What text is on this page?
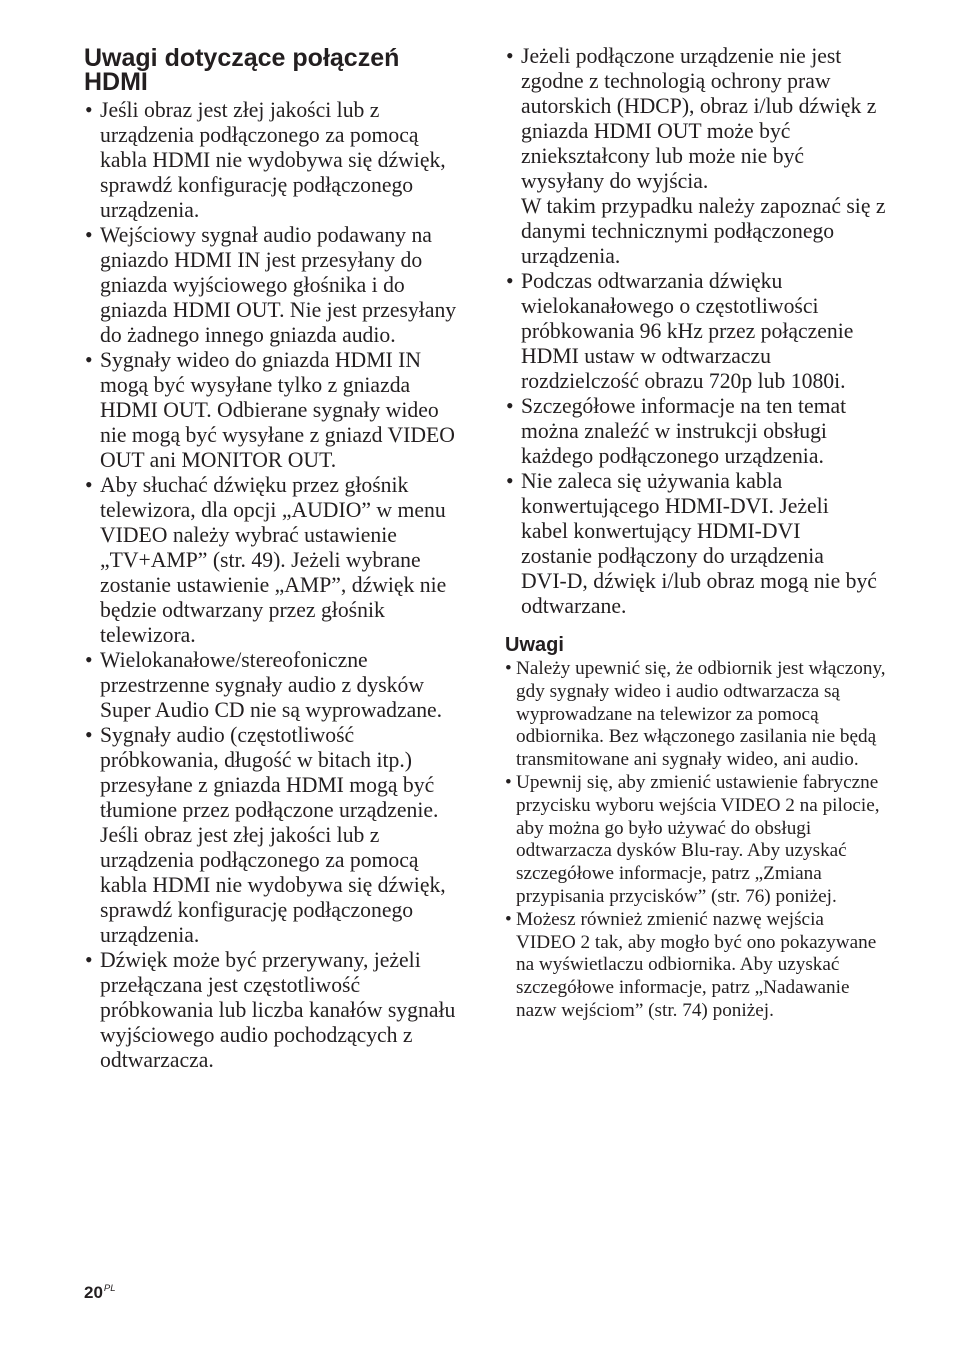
Uwagi dotyczące połączeń HDMI
• Jeśli obraz jest złej jakości lub z
urządzenia podłączonego za pomocą
kabla HDMI nie wydobywa się dźwięk,
sprawdź konfigurację podłączonego
urządzenia.
• Wejściowy sygnał audio podawany na
gniazdo HDMI IN jest przesyłany do
gniazda wyjściowego głośnika i do
gniazda HDMI OUT. Nie jest przesyłany
do żadnego innego gniazda audio.
• Sygnały wideo do gniazda HDMI IN
mogą być wysyłane tylko z gniazda
HDMI OUT. Odbierane sygnały wideo
nie mogą być wysyłane z gniazd VIDEO
OUT ani MONITOR OUT.
• Aby słuchać dźwięku przez głośnik
telewizora, dla opcji „AUDIO” w menu
VIDEO należy wybrać ustawienie
„TV+AMP” (str. 49). Jeżeli wybrane
zostanie ustawienie „AMP”, dźwięk nie
będzie odtwarzany przez głośnik
telewizora.
• Wielokanałowe/stereofoniczne
przestrzenne sygnały audio z dysków
Super Audio CD nie są wyprowadzane.
• Sygnały audio (częstotliwość
próbkowania, długość w bitach itp.)
przesyłane z gniazda HDMI mogą być
tłumione przez podłączone urządzenie.
Jeśli obraz jest złej jakości lub z
urządzenia podłączonego za pomocą
kabla HDMI nie wydobywa się dźwięk,
sprawdź konfigurację podłączonego
urządzenia.
• Dźwięk może być przerywany, jeżeli
przełączana jest częstotliwość
próbkowania lub liczba kanałów sygnału
wyjściowego audio pochodzących z
odtwarzacza.
• Jeżeli podłączone urządzenie nie jest
zgodne z technologią ochrony praw
autorskich (HDCP), obraz i/lub dźwięk z
gniazda HDMI OUT może być
zniekształcony lub może nie być
wysyłany do wyjścia.
W takim przypadku należy zapoznać się z
danymi technicznymi podłączonego
urządzenia.
• Podczas odtwarzania dźwięku
wielokanałowego o częstotliwości
próbkowania 96 kHz przez połączenie
HDMI ustaw w odtwarzaczu
rozdzielczość obrazu 720p lub 1080i.
• Szczegółowe informacje na ten temat
można znaleźć w instrukcji obsługi
każdego podłączonego urządzenia.
• Nie zaleca się używania kabla
konwertującego HDMI-DVI. Jeżeli
kabel konwertujący HDMI-DVI
zostanie podłączony do urządzenia
DVI-D, dźwięk i/lub obraz mogą nie być
odtwarzane.
Uwagi
• Należy upewnić się, że odbiornik jest włączony,
gdy sygnały wideo i audio odtwarzacza są
wyprowadzane na telewizor za pomocą
odbiornika. Bez włączonego zasilania nie będą
transmitowane ani sygnały wideo, ani audio.
• Upewnij się, aby zmienić ustawienie fabryczne
przycisku wyboru wejścia VIDEO 2 na pilocie,
aby można go było używać do obsługi
odtwarzacza dysków Blu-ray. Aby uzyskać
szczegółowe informacje, patrz „Zmiana
przypisania przycisków” (str. 76) poniżej.
• Możesz również zmienić nazwę wejścia
VIDEO 2 tak, aby mogło być ono pokazywane
na wyświetlaczu odbiornika. Aby uzyskać
szczegółowe informacje, patrz „Nadawanie
nazw wejściom” (str. 74) poniżej.
$20^{PL}$
